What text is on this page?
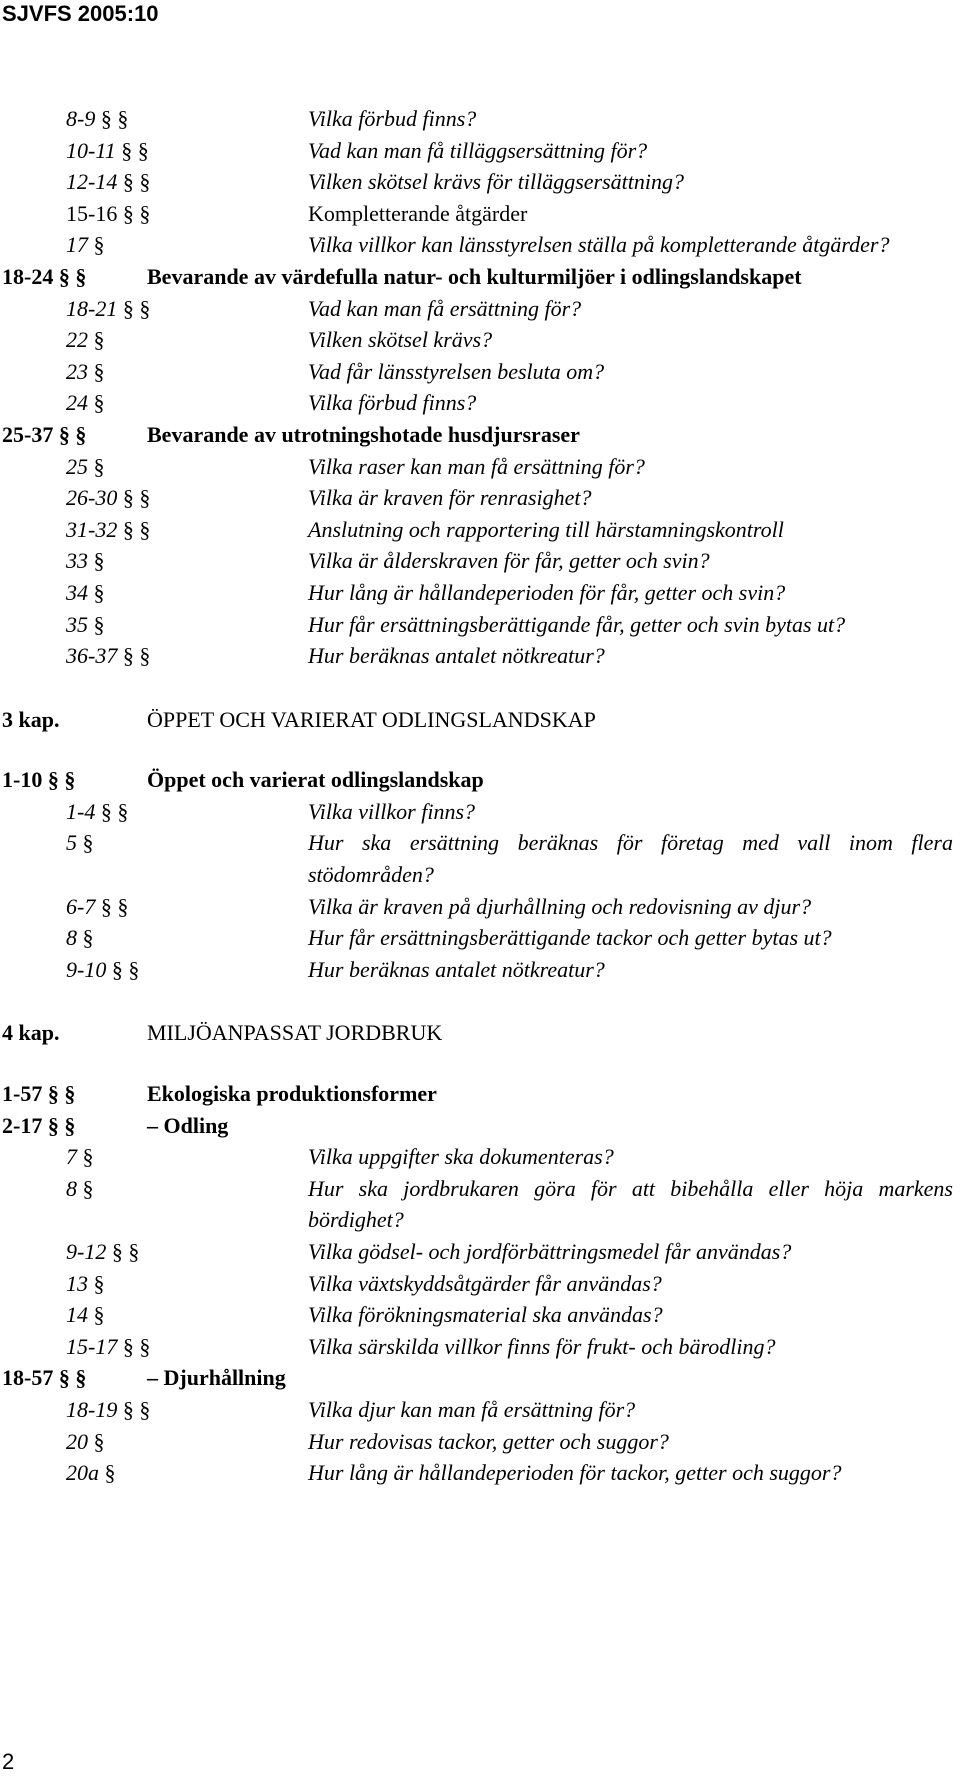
SJVFS 2005:10
8-9 § §	Vilka förbud finns?
10-11 § §	Vad kan man få tilläggsersättning för?
12-14 § §	Vilken skötsel krävs för tilläggsersättning?
15-16 § §	Kompletterande åtgärder
17 §	Vilka villkor kan länsstyrelsen ställa på kompletterande åtgärder?
18-24 § §	Bevarande av värdefulla natur- och kulturmiljöer i odlingslandskapet
18-21 § §	Vad kan man få ersättning för?
22 §	Vilken skötsel krävs?
23 §	Vad får länsstyrelsen besluta om?
24 §	Vilka förbud finns?
25-37 § §	Bevarande av utrotningshotade husdjursraser
25 §	Vilka raser kan man få ersättning för?
26-30 § §	Vilka är kraven för renrasighet?
31-32 § §	Anslutning och rapportering till härstamningskontroll
33 §	Vilka är ålderskraven för får, getter och svin?
34 §	Hur lång är hållandeperioden för får, getter och svin?
35 §	Hur får ersättningsberättigande får, getter och svin bytas ut?
36-37 § §	Hur beräknas antalet nötkreatur?
3 kap.	ÖPPET OCH VARIERAT ODLINGSLANDSKAP
1-10 § §	Öppet och varierat odlingslandskap
1-4 § §	Vilka villkor finns?
5 §	Hur ska ersättning beräknas för företag med vall inom flera stödområden?
6-7 § §	Vilka är kraven på djurhållning och redovisning av djur?
8 §	Hur får ersättningsberättigande tackor och getter bytas ut?
9-10 § §	Hur beräknas antalet nötkreatur?
4 kap.	MILJÖANPASSAT JORDBRUK
1-57 § §	Ekologiska produktionsformer
2-17 § §	– Odling
7 §	Vilka uppgifter ska dokumenteras?
8 §	Hur ska jordbrukaren göra för att bibehålla eller höja markens bördighet?
9-12 § §	Vilka gödsel- och jordförbättringsmedel får användas?
13 §	Vilka växtskyddsåtgärder får användas?
14 §	Vilka förökningsmaterial ska användas?
15-17 § §	Vilka särskilda villkor finns för frukt- och bärodling?
18-57 § §	– Djurhållning
18-19 § §	Vilka djur kan man få ersättning för?
20 §	Hur redovisas tackor, getter och suggor?
20a §	Hur lång är hållandeperioden för tackor, getter och suggor?
2
